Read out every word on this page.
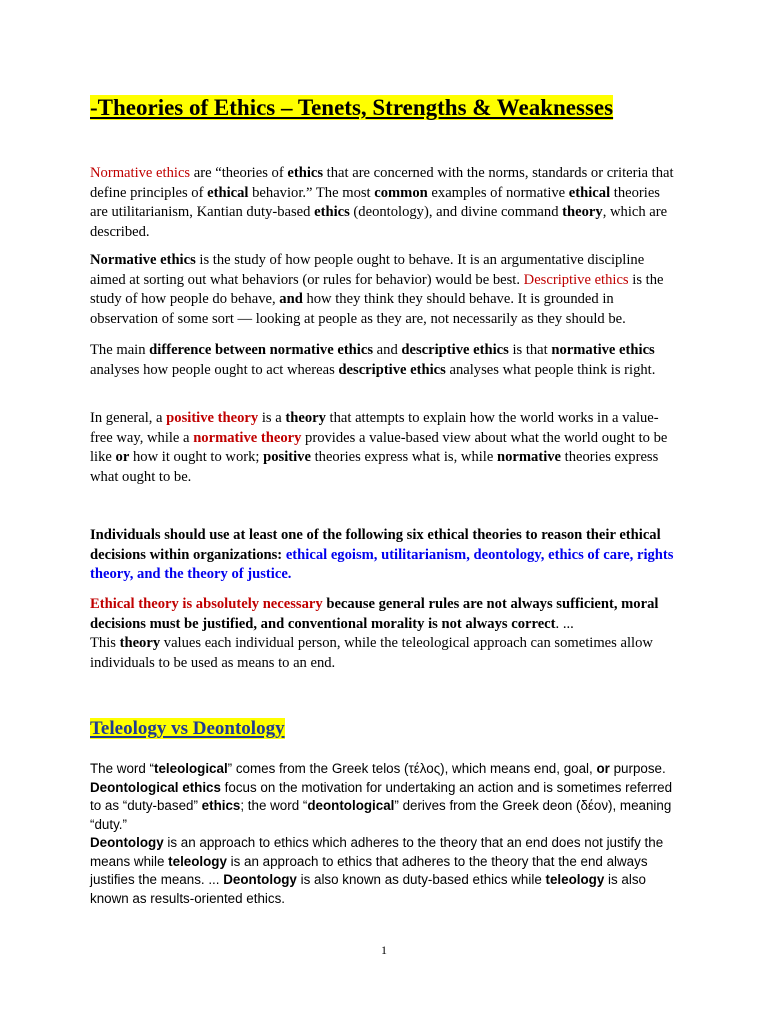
-Theories of Ethics – Tenets, Strengths & Weaknesses

Normative ethics are “theories of ethics that are concerned with the norms, standards or criteria that define principles of ethical behavior.” The most common examples of normative ethical theories are utilitarianism, Kantian duty-based ethics (deontology), and divine command theory, which are described.

Normative ethics is the study of how people ought to behave. It is an argumentative discipline aimed at sorting out what behaviors (or rules for behavior) would be best. Descriptive ethics is the study of how people do behave, and how they think they should behave. It is grounded in observation of some sort — looking at people as they are, not necessarily as they should be.

The main difference between normative ethics and descriptive ethics is that normative ethics analyses how people ought to act whereas descriptive ethics analyses what people think is right.

In general, a positive theory is a theory that attempts to explain how the world works in a value-free way, while a normative theory provides a value-based view about what the world ought to be like or how it ought to work; positive theories express what is, while normative theories express what ought to be.

Individuals should use at least one of the following six ethical theories to reason their ethical decisions within organizations: ethical egoism, utilitarianism, deontology, ethics of care, rights theory, and the theory of justice.

Ethical theory is absolutely necessary because general rules are not always sufficient, moral decisions must be justified, and conventional morality is not always correct. ...
This theory values each individual person, while the teleological approach can sometimes allow individuals to be used as means to an end.

Teleology vs Deontology

The word “teleological” comes from the Greek telos (τέλος), which means end, goal, or purpose. Deontological ethics focus on the motivation for undertaking an action and is sometimes referred to as “duty-based” ethics; the word “deontological” derives from the Greek deon (δέον), meaning “duty.”

Deontology is an approach to ethics which adheres to the theory that an end does not justify the means while teleology is an approach to ethics that adheres to the theory that the end always justifies the means. ... Deontology is also known as duty-based ethics while teleology is also known as results-oriented ethics.

1
